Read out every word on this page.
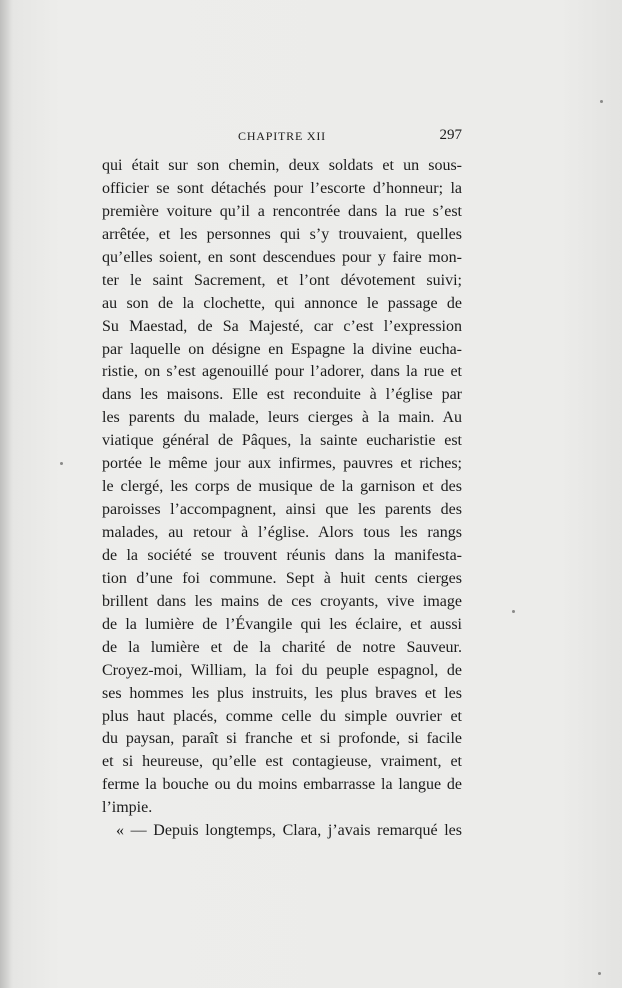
CHAPITRE XII	297
qui était sur son chemin, deux soldats et un sous-
officier se sont détachés pour l’escorte d’honneur; la
première voiture qu’il a rencontrée dans la rue s’est
arrêtée, et les personnes qui s’y trouvaient, quelles
qu’elles soient, en sont descendues pour y faire mon-
ter le saint Sacrement, et l’ont dévotement suivi;
au son de la clochette, qui annonce le passage de
Su Maestad, de Sa Majesté, car c’est l’expression
par laquelle on désigne en Espagne la divine eucha-
ristie, on s’est agenouillé pour l’adorer, dans la rue et
dans les maisons. Elle est reconduite à l’église par
les parents du malade, leurs cierges à la main. Au
viatique général de Pâques, la sainte eucharistie est
portée le même jour aux infirmes, pauvres et riches;
le clergé, les corps de musique de la garnison et des
paroisses l’accompagnent, ainsi que les parents des
malades, au retour à l’église. Alors tous les rangs
de la société se trouvent réunis dans la manifesta-
tion d’une foi commune. Sept à huit cents cierges
brillent dans les mains de ces croyants, vive image
de la lumière de l’Évangile qui les éclaire, et aussi
de la lumière et de la charité de notre Sauveur.
Croyez-moi, William, la foi du peuple espagnol, de
ses hommes les plus instruits, les plus braves et les
plus haut placés, comme celle du simple ouvrier et
du paysan, paraît si franche et si profonde, si facile
et si heureuse, qu’elle est contagieuse, vraiment, et
ferme la bouche ou du moins embarrasse la langue de
l’impie.
« — Depuis longtemps, Clara, j’avais remarqué les
